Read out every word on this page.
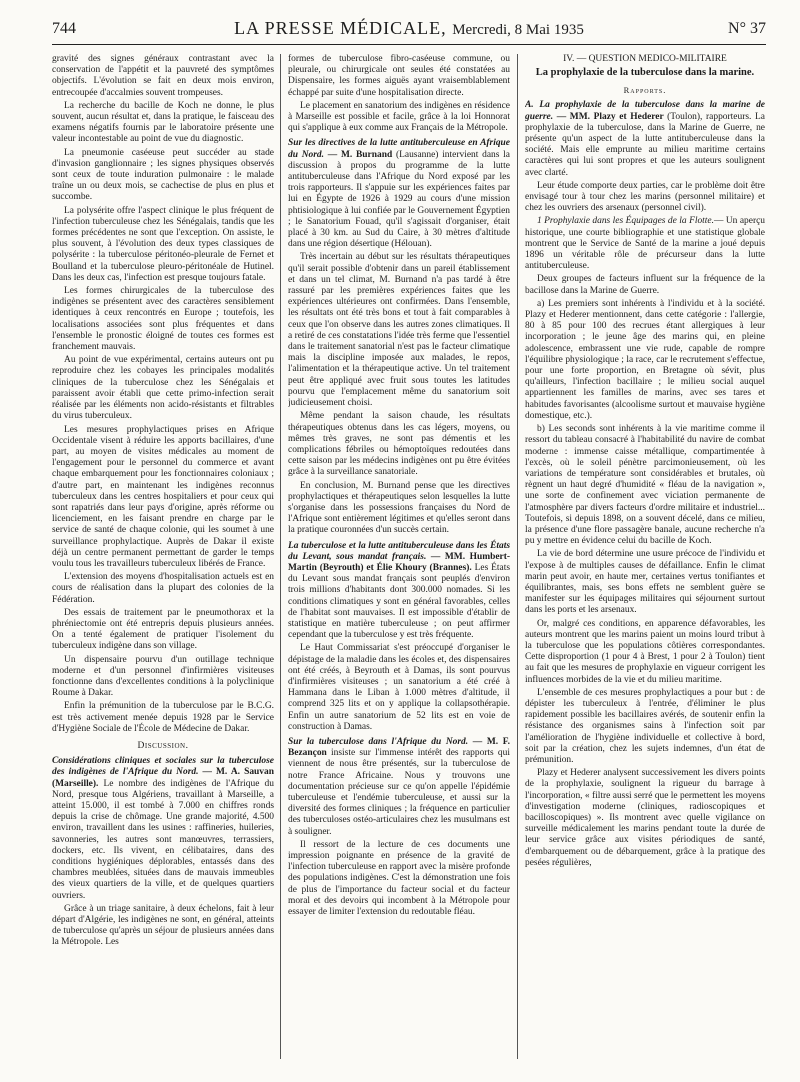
744	LA PRESSE MÉDICALE, Mercredi, 8 Mai 1935	N° 37

gravité des signes généraux contrastant avec la conservation de l'appétit et la pauvreté des symptômes objectifs. L'évolution se fait en deux mois environ, entrecoupée d'accalmies souvent trompeuses.

La recherche du bacille de Koch ne donne, le plus souvent, aucun résultat et, dans la pratique, le faisceau des examens négatifs fournis par le laboratoire présente une valeur incontestable au point de vue du diagnostic.

La pneumonie caséeuse peut succéder au stade d'invasion ganglionnaire ; les signes physiques observés sont ceux de toute induration pulmonaire : le malade traîne un ou deux mois, se cachectise de plus en plus et succombe.

La polysérite offre l'aspect clinique le plus fréquent de l'infection tuberculeuse chez les Sénégalais, tandis que les formes précédentes ne sont que l'exception. On assiste, le plus souvent, à l'évolution des deux types classiques de polysérite : la tuberculose péritonéo-pleurale de Fernet et Boulland et la tuberculose pleuro-péritonéale de Hutinel. Dans les deux cas, l'infection est presque toujours fatale.

Les formes chirurgicales de la tuberculose des indigènes se présentent avec des caractères sensiblement identiques à ceux rencontrés en Europe ; toutefois, les localisations associées sont plus fréquentes et dans l'ensemble le pronostic éloigné de toutes ces formes est franchement mauvais.

Au point de vue expérimental, certains auteurs ont pu reproduire chez les cobayes les principales modalités cliniques de la tuberculose chez les Sénégalais et paraissent avoir établi que cette primo-infection serait réalisée par les éléments non acido-résistants et filtrables du virus tuberculeux.

Les mesures prophylactiques prises en Afrique Occidentale visent à réduire les apports bacillaires, d'une part, au moyen de visites médicales au moment de l'engagement pour le personnel du commerce et avant chaque embarquement pour les fonctionnaires coloniaux ; d'autre part, en maintenant les indigènes reconnus tuberculeux dans les centres hospitaliers et pour ceux qui sont rapatriés dans leur pays d'origine, après réforme ou licenciement, en les faisant prendre en charge par le service de santé de chaque colonie, qui les soumet à une surveillance prophylactique. Auprès de Dakar il existe déjà un centre permanent permettant de garder le temps voulu tous les travailleurs tuberculeux libérés de France.

L'extension des moyens d'hospitalisation actuels est en cours de réalisation dans la plupart des colonies de la Fédération.

Des essais de traitement par le pneumothorax et la phréniectomie ont été entrepris depuis plusieurs années. On a tenté également de pratiquer l'isolement du tuberculeux indigène dans son village.

Un dispensaire pourvu d'un outillage technique moderne et d'un personnel d'infirmières visiteuses fonctionne dans d'excellentes conditions à la polyclinique Roume à Dakar.

Enfin la prémunition de la tuberculose par le B.C.G. est très activement menée depuis 1928 par le Service d'Hygiène Sociale de l'École de Médecine de Dakar.

Discussion.

Considérations cliniques et sociales sur la tuberculose des indigènes de l'Afrique du Nord. — M. A. Sauvan (Marseille). Le nombre des indigènes de l'Afrique du Nord, presque tous Algériens, travaillant à Marseille, a atteint 15.000, il est tombé à 7.000 en chiffres ronds depuis la crise de chômage. Une grande majorité, 4.500 environ, travaillent dans les usines : raffineries, huileries, savonneries, les autres sont manœuvres, terrassiers, dockers, etc. Ils vivent, en célibataires, dans des conditions hygiéniques déplorables, entassés dans des chambres meublées, situées dans de mauvais immeubles des vieux quartiers de la ville, et de quelques quartiers ouvriers.

Grâce à un triage sanitaire, à deux échelons, fait à leur départ d'Algérie, les indigènes ne sont, en général, atteints de tuberculose qu'après un séjour de plusieurs années dans la Métropole. Les

formes de tuberculose fibro-caséeuse commune, ou pleurale, ou chirurgicale ont seules été constatées au Dispensaire, les formes aiguës ayant vraisemblablement échappé par suite d'une hospitalisation directe.

Le placement en sanatorium des indigènes en résidence à Marseille est possible et facile, grâce à la loi Honnorat qui s'applique à eux comme aux Français de la Métropole.

Sur les directives de la lutte antituberculeuse en Afrique du Nord. — M. Burnand (Lausanne) intervient dans la discussion à propos du programme de la lutte antituberculeuse dans l'Afrique du Nord exposé par les trois rapporteurs. Il s'appuie sur les expériences faites par lui en Égypte de 1926 à 1929 au cours d'une mission phtisiologique à lui confiée par le Gouvernement Égyptien ; le Sanatorium Fouad, qu'il s'agissait d'organiser, était placé à 30 km. au Sud du Caire, à 30 mètres d'altitude dans une région désertique (Hélouan).

Très incertain au début sur les résultats thérapeutiques qu'il serait possible d'obtenir dans un pareil établissement et dans un tel climat, M. Burnand n'a pas tardé à être rassuré par les premières expériences faites que les expériences ultérieures ont confirmées. Dans l'ensemble, les résultats ont été très bons et tout à fait comparables à ceux que l'on observe dans les autres zones climatiques. Il a retiré de ces constatations l'idée très ferme que l'essentiel dans le traitement sanatorial n'est pas le facteur climatique mais la discipline imposée aux malades, le repos, l'alimentation et la thérapeutique active. Un tel traitement peut être appliqué avec fruit sous toutes les latitudes pourvu que l'emplacement même du sanatorium soit judicieusement choisi.

Même pendant la saison chaude, les résultats thérapeutiques obtenus dans les cas légers, moyens, ou mêmes très graves, ne sont pas démentis et les complications fébriles ou hémoptoïques redoutées dans cette saison par les médecins indigènes ont pu être évitées grâce à la surveillance sanatoriale.

En conclusion, M. Burnand pense que les directives prophylactiques et thérapeutiques selon lesquelles la lutte s'organise dans les possessions françaises du Nord de l'Afrique sont entièrement légitimes et qu'elles seront dans la pratique couronnées d'un succès certain.

La tuberculose et la lutte antituberculeuse dans les États du Levant, sous mandat français. — MM. Humbert-Martin (Beyrouth) et Élie Khoury (Brannes). Les États du Levant sous mandat français sont peuplés d'environ trois millions d'habitants dont 300.000 nomades. Si les conditions climatiques y sont en général favorables, celles de l'habitat sont mauvaises. Il est impossible d'établir de statistique en matière tuberculeuse ; on peut affirmer cependant que la tuberculose y est très fréquente.

Le Haut Commissariat s'est préoccupé d'organiser le dépistage de la maladie dans les écoles et, des dispensaires ont été créés, à Beyrouth et à Damas, ils sont pourvus d'infirmières visiteuses ; un sanatorium a été créé à Hammana dans le Liban à 1.000 mètres d'altitude, il comprend 325 lits et on y applique la collapsothérapie. Enfin un autre sanatorium de 52 lits est en voie de construction à Damas.

Sur la tuberculose dans l'Afrique du Nord. — M. F. Bezançon insiste sur l'immense intérêt des rapports qui viennent de nous être présentés, sur la tuberculose de notre France Africaine. Nous y trouvons une documentation précieuse sur ce qu'on appelle l'épidémie tuberculeuse et l'endémie tuberculeuse, et aussi sur la diversité des formes cliniques ; la fréquence en particulier des tuberculoses ostéo-articulaires chez les musulmans est à souligner.

Il ressort de la lecture de ces documents une impression poignante en présence de la gravité de l'infection tuberculeuse en rapport avec la misère profonde des populations indigènes. C'est la démonstration une fois de plus de l'importance du facteur social et du facteur moral et des devoirs qui incombent à la Métropole pour essayer de limiter l'extension du redoutable fléau.

IV. — QUESTION MÉDICO-MILITAIRE
La prophylaxie de la tuberculose dans la marine.
Rapports.

A. La prophylaxie de la tuberculose dans la marine de guerre. — MM. Plazy et Hederer (Toulon), rapporteurs. La prophylaxie de la tuberculose, dans la Marine de Guerre, ne présente qu'un aspect de la lutte antituberculeuse dans la société. Mais elle emprunte au milieu maritime certains caractères qui lui sont propres et que les auteurs soulignent avec clarté.

Leur étude comporte deux parties, car le problème doit être envisagé tour à tour chez les marins (personnel militaire) et chez les ouvriers des arsenaux (personnel civil).

1 Prophylaxie dans les Équipages de la Flotte.— Un aperçu historique, une courte bibliographie et une statistique globale montrent que le Service de Santé de la marine a joué depuis 1896 un véritable rôle de précurseur dans la lutte antituberculeuse.

Deux groupes de facteurs influent sur la fréquence de la bacillose dans la Marine de Guerre.

a) Les premiers sont inhérents à l'individu et à la société. Plazy et Hederer mentionnent, dans cette catégorie : l'allergie, 80 à 85 pour 100 des recrues étant allergiques à leur incorporation ; le jeune âge des marins qui, en pleine adolescence, embrassent une vie rude, capable de rompre l'équilibre physiologique ; la race, car le recrutement s'effectue, pour une forte proportion, en Bretagne où sévit, plus qu'ailleurs, l'infection bacillaire ; le milieu social auquel appartiennent les familles de marins, avec ses tares et habitudes favorisantes (alcoolisme surtout et mauvaise hygiène domestique, etc.).

b) Les seconds sont inhérents à la vie maritime comme il ressort du tableau consacré à l'habitabilité du navire de combat moderne : immense caisse métallique, compartimentée à l'excès, où le soleil pénètre parcimonieusement, où les variations de température sont considérables et brutales, où règnent un haut degré d'humidité « fléau de la navigation », une sorte de confinement avec viciation permanente de l'atmosphère par divers facteurs d'ordre militaire et industriel... Toutefois, si depuis 1898, on a souvent décelé, dans ce milieu, la présence d'une flore passagère banale, aucune recherche n'a pu y mettre en évidence celui du bacille de Koch.

La vie de bord détermine une usure précoce de l'individu et l'expose à de multiples causes de défaillance. Enfin le climat marin peut avoir, en haute mer, certaines vertus tonifiantes et équilibrantes, mais, ses bons effets ne semblent guère se manifester sur les équipages militaires qui séjournent surtout dans les ports et les arsenaux.

Or, malgré ces conditions, en apparence défavorables, les auteurs montrent que les marins paient un moins lourd tribut à la tuberculose que les populations côtières correspondantes. Cette disproportion (1 pour 4 à Brest, 1 pour 2 à Toulon) tient au fait que les mesures de prophylaxie en vigueur corrigent les influences morbides de la vie et du milieu maritime.

L'ensemble de ces mesures prophylactiques a pour but : de dépister les tuberculeux à l'entrée, d'éliminer le plus rapidement possible les bacillaires avérés, de soutenir enfin la résistance des organismes sains à l'infection soit par l'amélioration de l'hygiène individuelle et collective à bord, soit par la création, chez les sujets indemnes, d'un état de prémunition.

Plazy et Hederer analysent successivement les divers points de la prophylaxie, soulignent la rigueur du barrage à l'incorporation, « filtre aussi serré que le permettent les moyens d'investigation moderne (cliniques, radioscopiques et bacilloscopiques) ». Ils montrent avec quelle vigilance on surveille médicalement les marins pendant toute la durée de leur service grâce aux visites périodiques de santé, d'embarquement ou de débarquement, grâce à la pratique des pesées régulières,
